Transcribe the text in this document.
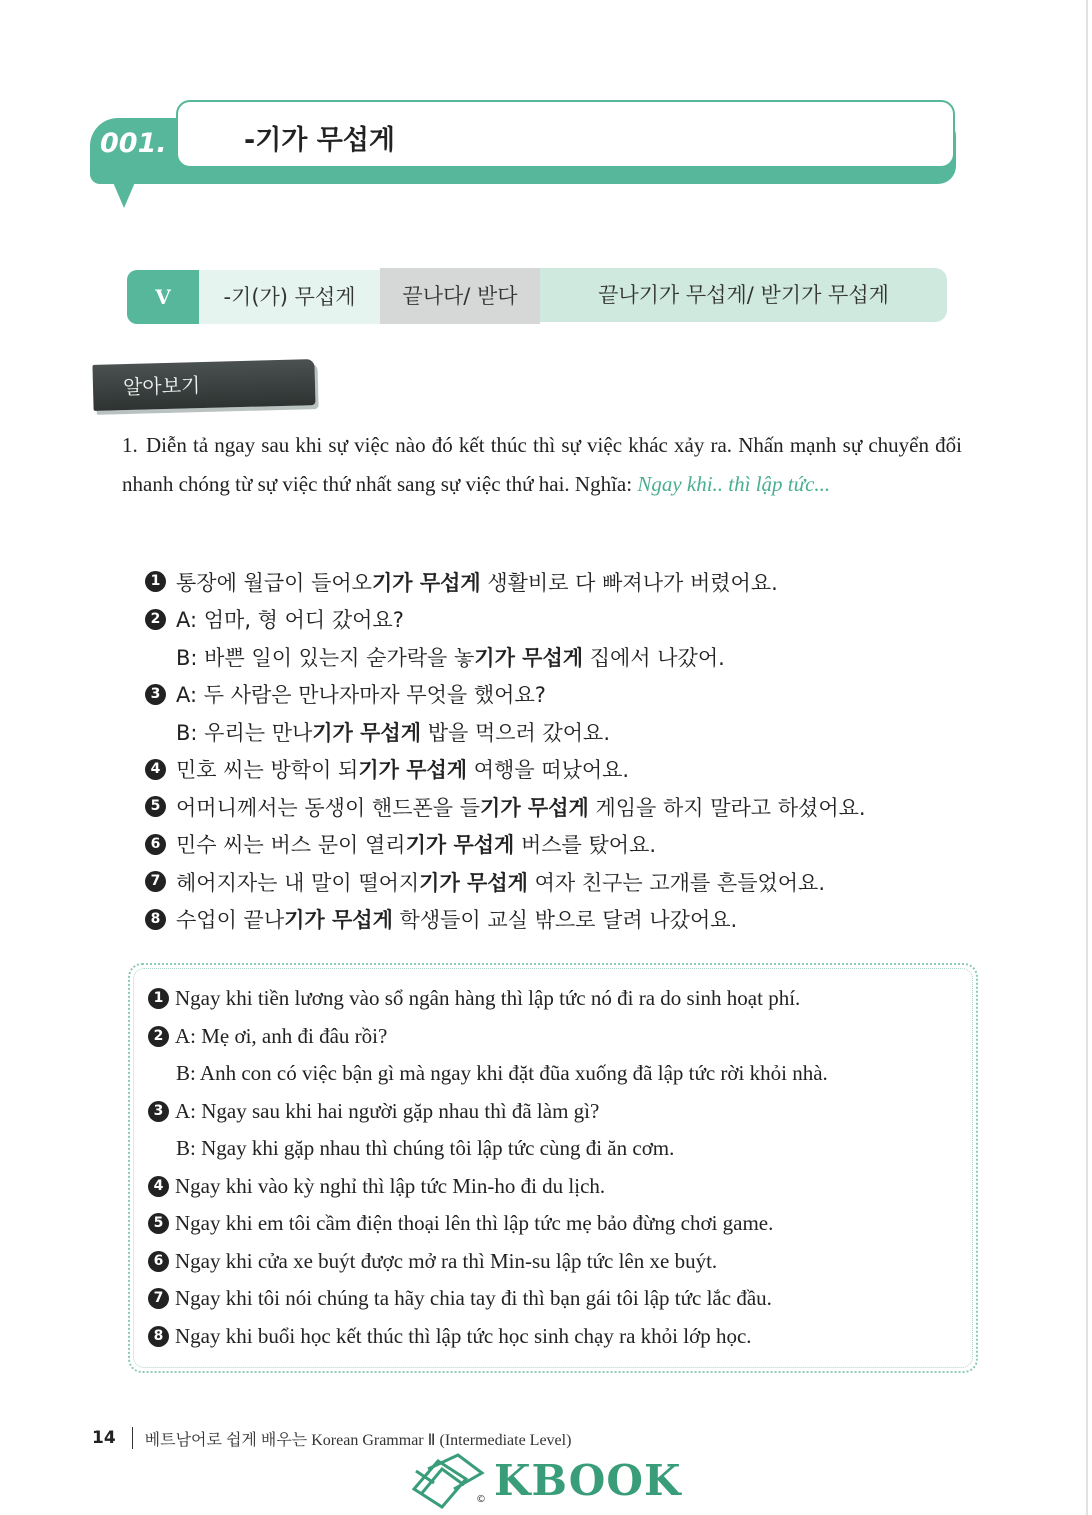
001.	-기가 무섭게
V	-기(가) 무섭게	끝나다/ 받다	끝나기가 무섭게/ 받기가 무섭게
알아보기
1. Diễn tả ngay sau khi sự việc nào đó kết thúc thì sự việc khác xảy ra. Nhấn mạnh sự chuyển đổi nhanh chóng từ sự việc thứ nhất sang sự việc thứ hai. Nghĩa: Ngay khi.. thì lập tức...
1 통장에 월급이 들어오기가 무섭게 생활비로 다 빠져나가 버렸어요.
2 A: 엄마, 형 어디 갔어요?
B: 바쁜 일이 있는지 숟가락을 놓기가 무섭게 집에서 나갔어.
3 A: 두 사람은 만나자마자 무엇을 했어요?
B: 우리는 만나기가 무섭게 밥을 먹으러 갔어요.
4 민호 씨는 방학이 되기가 무섭게 여행을 떠났어요.
5 어머니께서는 동생이 핸드폰을 들기가 무섭게 게임을 하지 말라고 하셨어요.
6 민수 씨는 버스 문이 열리기가 무섭게 버스를 탔어요.
7 헤어지자는 내 말이 떨어지기가 무섭게 여자 친구는 고개를 흔들었어요.
8 수업이 끝나기가 무섭게 학생들이 교실 밖으로 달려 나갔어요.
1 Ngay khi tiền lương vào sổ ngân hàng thì lập tức nó đi ra do sinh hoạt phí.
2 A: Mẹ ơi, anh đi đâu rồi?
B: Anh con có việc bận gì mà ngay khi đặt đũa xuống đã lập tức rời khỏi nhà.
3 A: Ngay sau khi hai người gặp nhau thì đã làm gì?
B: Ngay khi gặp nhau thì chúng tôi lập tức cùng đi ăn cơm.
4 Ngay khi vào kỳ nghỉ thì lập tức Min-ho đi du lịch.
5 Ngay khi em tôi cầm điện thoại lên thì lập tức mẹ bảo đừng chơi game.
6 Ngay khi cửa xe buýt được mở ra thì Min-su lập tức lên xe buýt.
7 Ngay khi tôi nói chúng ta hãy chia tay đi thì bạn gái tôi lập tức lắc đầu.
8 Ngay khi buổi học kết thúc thì lập tức học sinh chạy ra khỏi lớp học.
14 베트남어로 쉽게 배우는 Korean Grammar Ⅱ (Intermediate Level)
KBOOK
©
